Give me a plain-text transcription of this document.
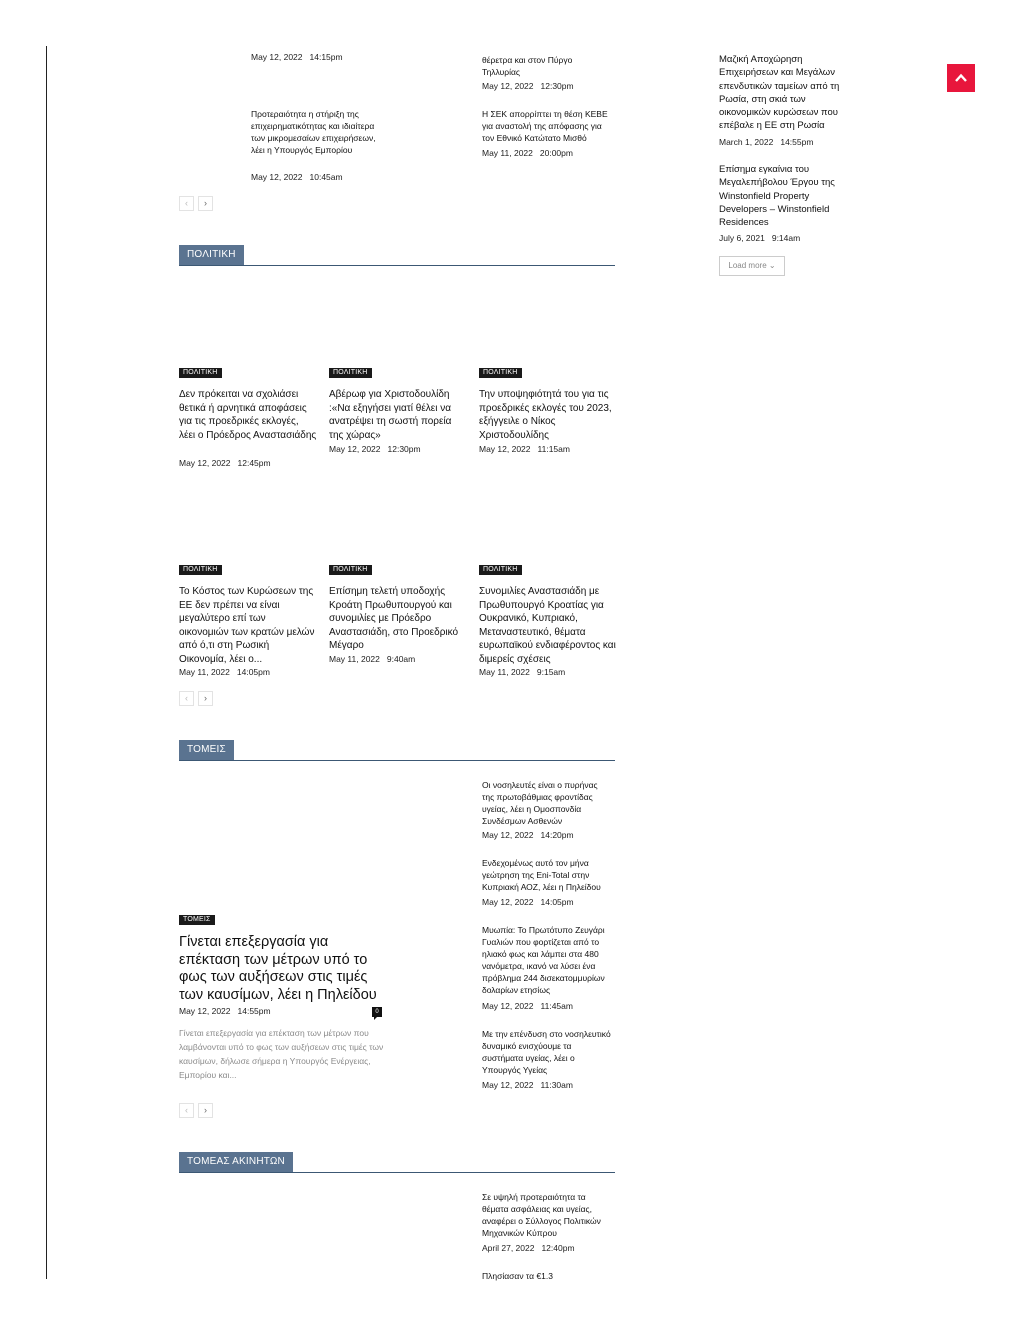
May 12, 2022 14:15pm
Προτεραιότητα η στήριξη της επιχειρηματικότητας και ιδιαίτερα των μικρομεσαίων επιχειρήσεων, λέει η Υπουργός Εμπορίου
May 12, 2022 10:45am
θέρετρα και στον Πύργο Τηλλυρίας
May 12, 2022 12:30pm
Η ΣΕΚ απορρίπτει τη θέση ΚΕΒΕ για αναστολή της απόφασης για τον Εθνικό Κατώτατο Μισθό
May 11, 2022 20:00pm
‹	›
Μαζική Αποχώρηση Επιχειρήσεων και Μεγάλων επενδυτικών ταμείων από τη Ρωσία, στη σκιά των οικονομικών κυρώσεων που επέβαλε η ΕΕ στη Ρωσία
March 1, 2022 14:55pm
Επίσημα εγκαίνια του Μεγαλεπήβολου Έργου της Winstonfield Property Developers – Winstonfield Residences
July 6, 2021 9:14am
Load more ⌄
ΠΟΛΙΤΙΚΗ
ΠΟΛΙΤΙΚΗ
Δεν πρόκειται να σχολιάσει θετικά ή αρνητικά αποφάσεις για τις προεδρικές εκλογές, λέει ο Πρόεδρος Αναστασιάδης
May 12, 2022 12:45pm
ΠΟΛΙΤΙΚΗ
Αβέρωφ για Χριστοδουλίδη :«Να εξηγήσει γιατί θέλει να ανατρέψει τη σωστή πορεία της χώρας»
May 12, 2022 12:30pm
ΠΟΛΙΤΙΚΗ
Την υποψηφιότητά του για τις προεδρικές εκλογές του 2023, εξήγγειλε ο Νίκος Χριστοδουλίδης
May 12, 2022 11:15am
ΠΟΛΙΤΙΚΗ
Το Κόστος των Κυρώσεων της ΕΕ δεν πρέπει να είναι μεγαλύτερο επί των οικονομιών των κρατών μελών από ό,τι στη Ρωσική Οικονομία, λέει ο...
May 11, 2022 14:05pm
ΠΟΛΙΤΙΚΗ
Επίσημη τελετή υποδοχής Κροάτη Πρωθυπουργού και συνομιλίες με Πρόεδρο Αναστασιάδη, στο Προεδρικό Μέγαρο
May 11, 2022 9:40am
ΠΟΛΙΤΙΚΗ
Συνομιλίες Αναστασιάδη με Πρωθυπουργό Κροατίας για Ουκρανικό, Κυπριακό, Μεταναστευτικό, θέματα ευρωπαϊκού ενδιαφέροντος και διμερείς σχέσεις
May 11, 2022 9:15am
‹	›
ΤΟΜΕΙΣ
ΤΟΜΕΙΣ
Γίνεται επεξεργασία για επέκταση των μέτρων υπό το φως των αυξήσεων στις τιμές των καυσίμων, λέει η Πηλείδου
May 12, 2022 14:55pm	0
Γίνεται επεξεργασία για επέκταση των μέτρων που λαμβάνονται υπό το φως των αυξήσεων στις τιμές των καυσίμων, δήλωσε σήμερα η Υπουργός Ενέργειας, Εμπορίου και...
Οι νοσηλευτές είναι ο πυρήνας της πρωτοβάθμιας φροντίδας υγείας, λέει η Ομοσπονδία Συνδέσμων Ασθενών
May 12, 2022 14:20pm
Ενδεχομένως αυτό τον μήνα γεώτρηση της Eni-Total στην Κυπριακή ΑΟΖ, λέει η Πηλείδου
May 12, 2022 14:05pm
Μυωπία: Το Πρωτότυπο Ζευγάρι Γυαλιών που φορτίζεται από το ηλιακό φως και λάμπει στα 480 νανόμετρα, ικανό να λύσει ένα πρόβλημα 244 δισεκατομμυρίων δολαρίων ετησίως
May 12, 2022 11:45am
Με την επένδυση στο νοσηλευτικό δυναμικό ενισχύουμε τα συστήματα υγείας, λέει ο Υπουργός Υγείας
May 12, 2022 11:30am
‹	›
ΤΟΜΕΑΣ ΑΚΙΝΗΤΩΝ
Σε υψηλή προτεραιότητα τα θέματα ασφάλειας και υγείας, αναφέρει ο Σύλλογος Πολιτικών Μηχανικών Κύπρου
April 27, 2022 12:40pm
Πλησίασαν τα €1.3
